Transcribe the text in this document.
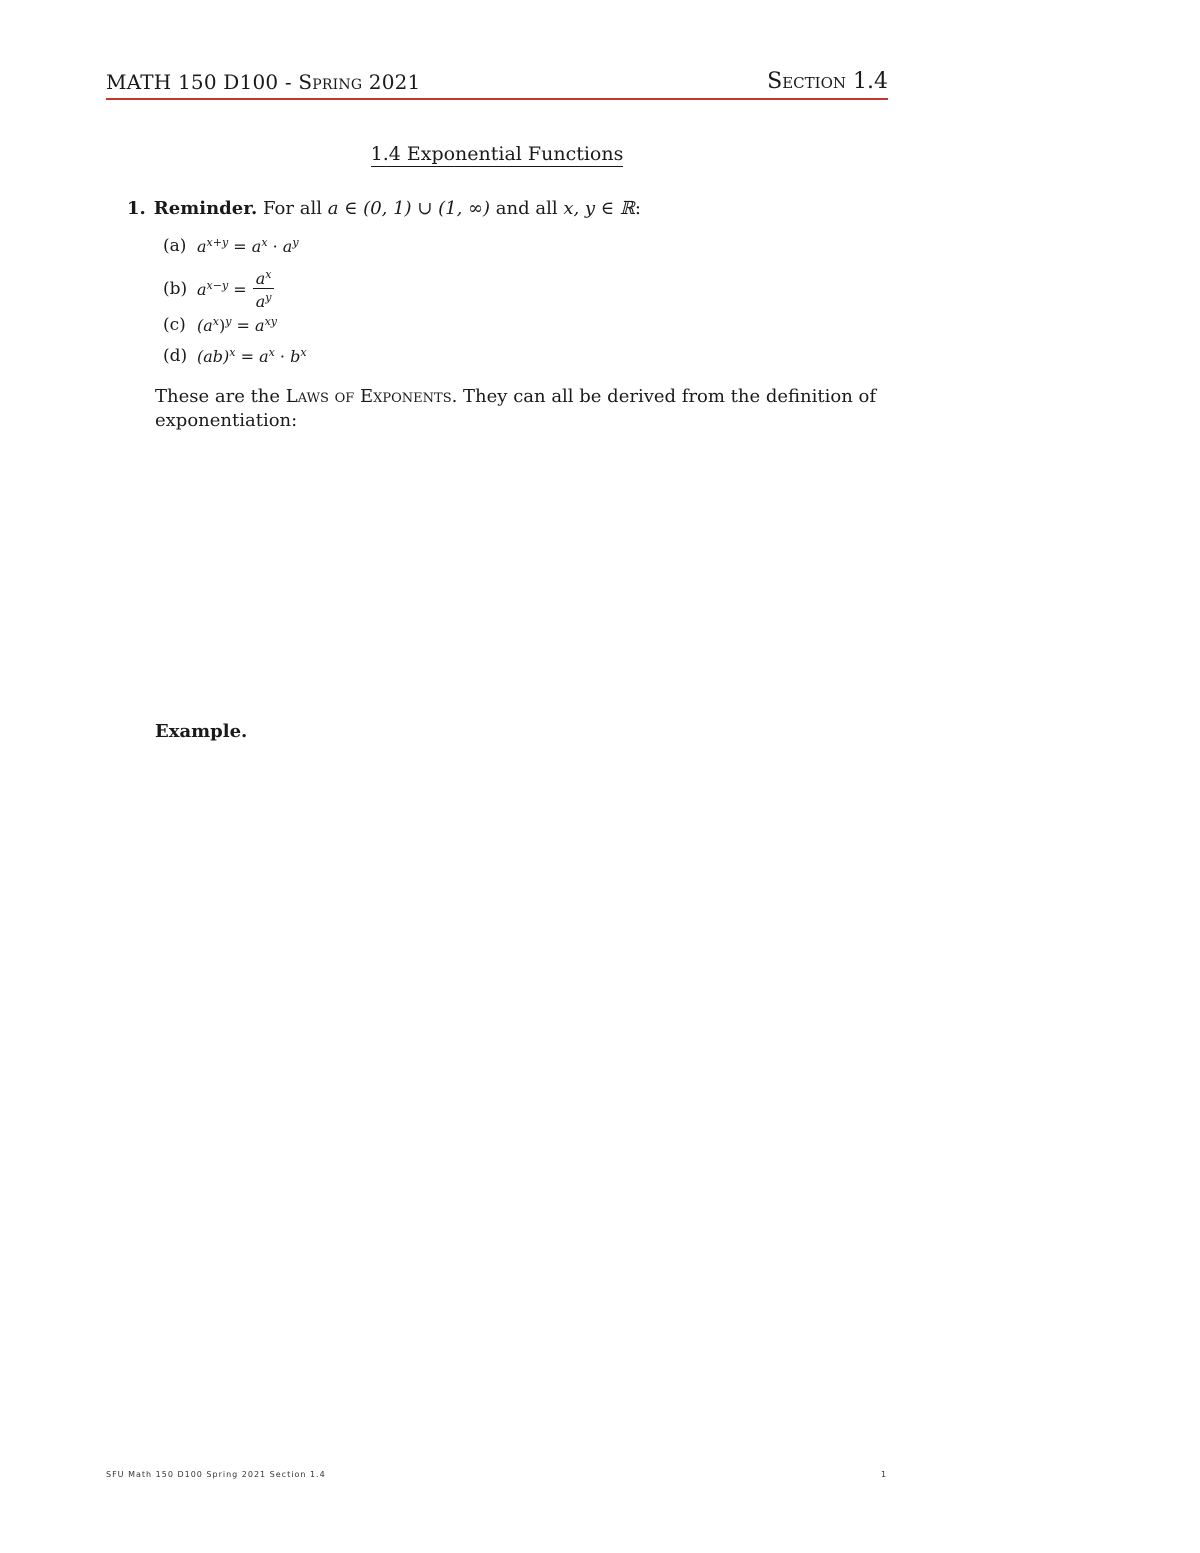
MATH 150 D100 - Spring 2021	Section 1.4
1.4 Exponential Functions
1. Reminder. For all a ∈ (0, 1) ∪ (1, ∞) and all x, y ∈ ℝ:
(a) $a^{x+y} = a^x \cdot a^y$
(b) $a^{x-y} = \frac{a^x}{a^y}$
(c) $(a^x)^y = a^{xy}$
(d) $(ab)^x = a^x \cdot b^x$
These are the Laws of Exponents. They can all be derived from the definition of exponentiation:
Example.
SFU Math 150 D100 Spring 2021 Section 1.4	1
